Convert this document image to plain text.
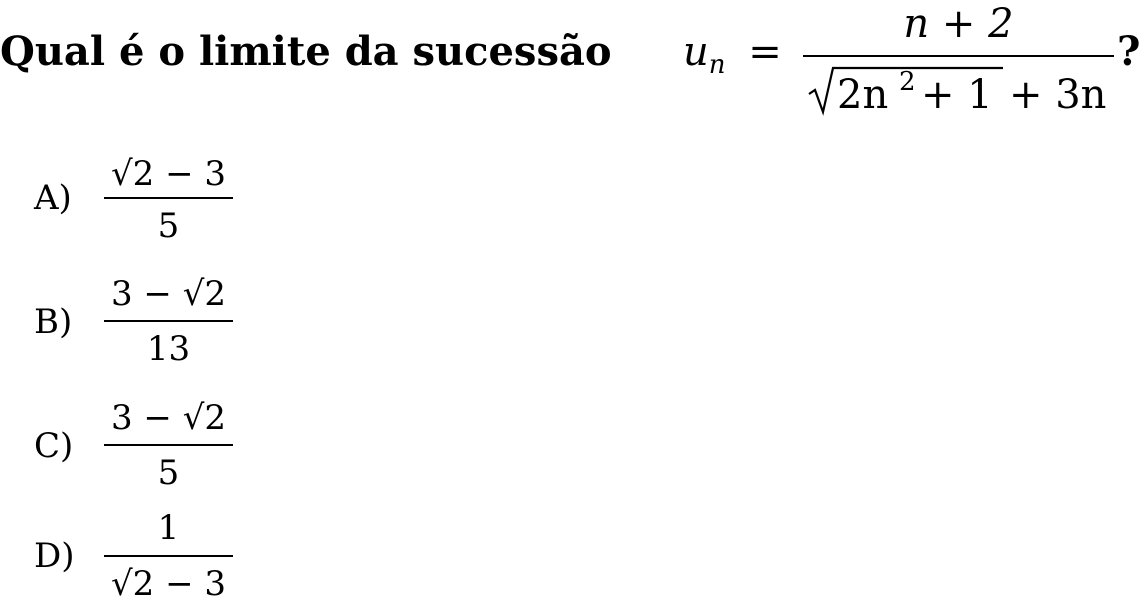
Qual é o limite da sucessão $u_n$ =
n + 2
2n 2 + 1 + 3n
?
A)
√2 − 3
5
B)
3 − √2
13
C)
3 − √2
5
D)
1
√2 − 3
